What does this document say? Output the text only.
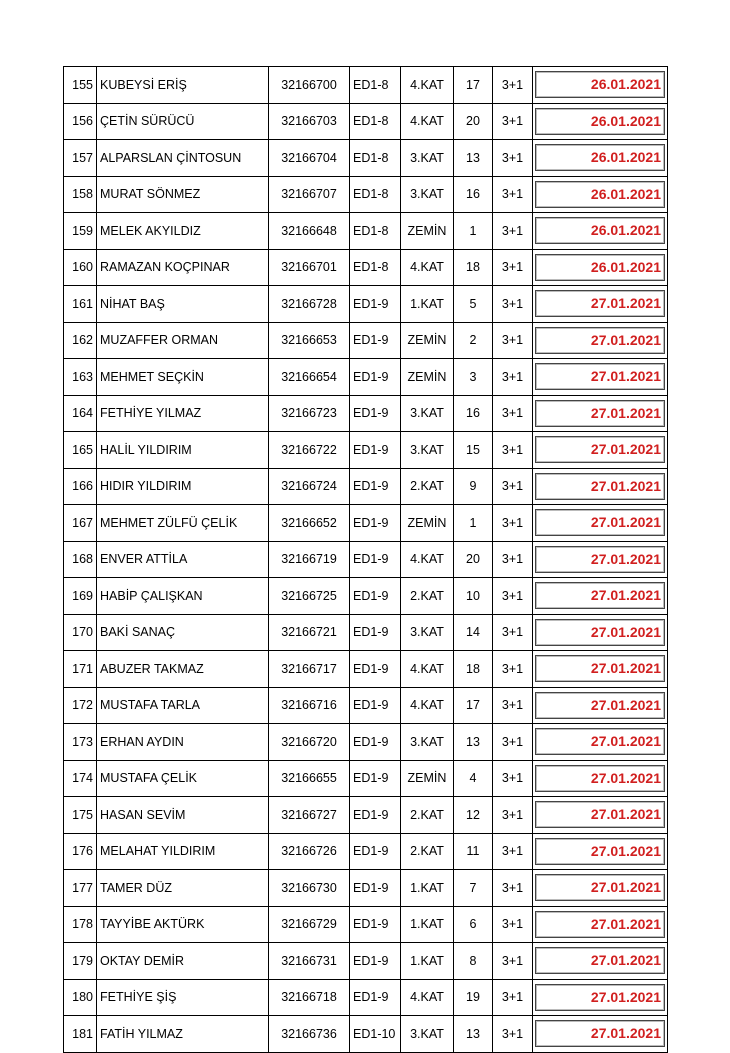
155	KUBEYSİ ERİŞ	32166700	ED1-8	4.KAT	17	3+1	26.01.2021

156	ÇETİN SÜRÜCÜ	32166703	ED1-8	4.KAT	20	3+1	26.01.2021

157	ALPARSLAN ÇİNTOSUN	32166704	ED1-8	3.KAT	13	3+1	26.01.2021

158	MURAT SÖNMEZ	32166707	ED1-8	3.KAT	16	3+1	26.01.2021

159	MELEK AKYILDIZ	32166648	ED1-8	ZEMİN	1	3+1	26.01.2021

160	RAMAZAN KOÇPINAR	32166701	ED1-8	4.KAT	18	3+1	26.01.2021

161	NİHAT BAŞ	32166728	ED1-9	1.KAT	5	3+1	27.01.2021

162	MUZAFFER ORMAN	32166653	ED1-9	ZEMİN	2	3+1	27.01.2021

163	MEHMET SEÇKİN	32166654	ED1-9	ZEMİN	3	3+1	27.01.2021

164	FETHİYE YILMAZ	32166723	ED1-9	3.KAT	16	3+1	27.01.2021

165	HALİL YILDIRIM	32166722	ED1-9	3.KAT	15	3+1	27.01.2021

166	HIDIR YILDIRIM	32166724	ED1-9	2.KAT	9	3+1	27.01.2021

167	MEHMET ZÜLFÜ ÇELİK	32166652	ED1-9	ZEMİN	1	3+1	27.01.2021

168	ENVER ATTİLA	32166719	ED1-9	4.KAT	20	3+1	27.01.2021

169	HABİP ÇALIŞKAN	32166725	ED1-9	2.KAT	10	3+1	27.01.2021

170	BAKİ SANAÇ	32166721	ED1-9	3.KAT	14	3+1	27.01.2021

171	ABUZER TAKMAZ	32166717	ED1-9	4.KAT	18	3+1	27.01.2021

172	MUSTAFA TARLA	32166716	ED1-9	4.KAT	17	3+1	27.01.2021

173	ERHAN AYDIN	32166720	ED1-9	3.KAT	13	3+1	27.01.2021

174	MUSTAFA ÇELİK	32166655	ED1-9	ZEMİN	4	3+1	27.01.2021

175	HASAN SEVİM	32166727	ED1-9	2.KAT	12	3+1	27.01.2021

176	MELAHAT YILDIRIM	32166726	ED1-9	2.KAT	11	3+1	27.01.2021

177	TAMER DÜZ	32166730	ED1-9	1.KAT	7	3+1	27.01.2021

178	TAYYİBE AKTÜRK	32166729	ED1-9	1.KAT	6	3+1	27.01.2021

179	OKTAY DEMİR	32166731	ED1-9	1.KAT	8	3+1	27.01.2021

180	FETHİYE ŞİŞ	32166718	ED1-9	4.KAT	19	3+1	27.01.2021

181	FATİH YILMAZ	32166736	ED1-10	3.KAT	13	3+1	27.01.2021
